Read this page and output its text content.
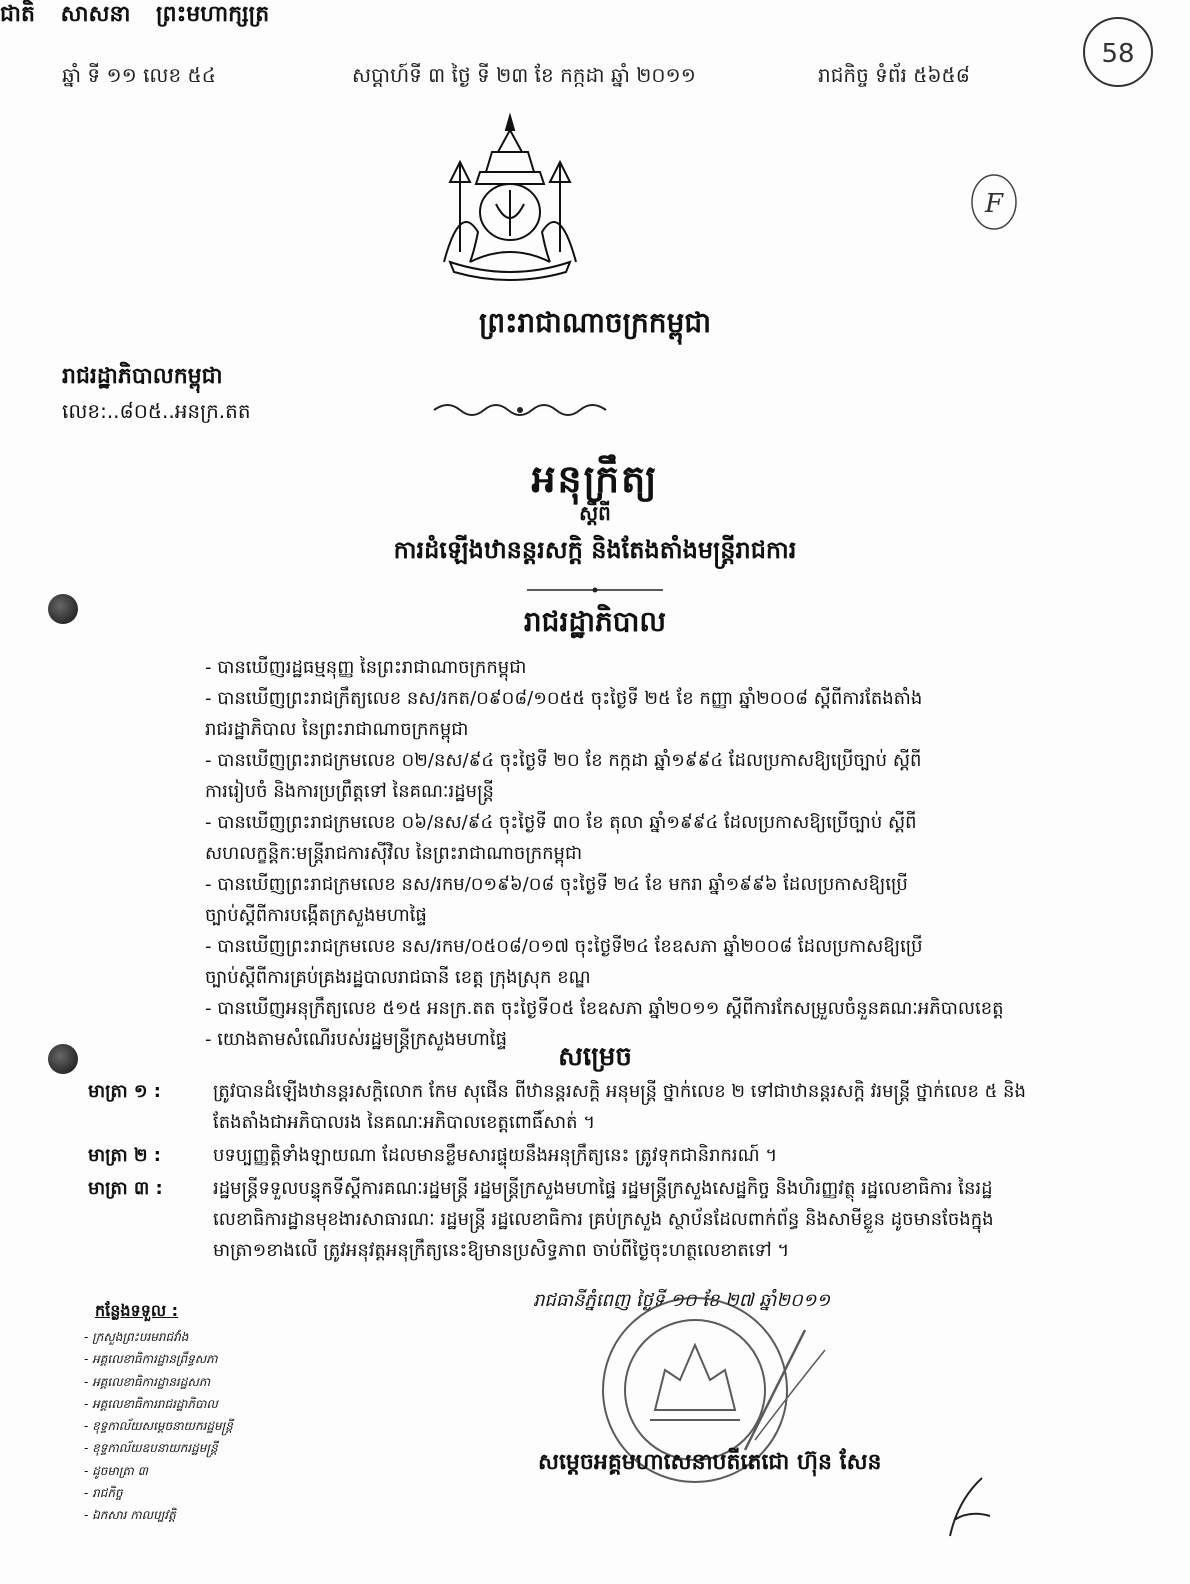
ឆ្នាំ ទី ១១ លេខ ៥៤	សប្តាហ៍ទី ៣ ថ្ងៃ ទី ២៣ ខែ កក្កដា ឆ្នាំ ២០១១	រាជកិច្ច ទំព័រ ៥៦៥៨
58
F
ព្រះរាជាណាចក្រកម្ពុជា
រាជរដ្ឋាភិបាលកម្ពុជា
ជាតិ សាសនា ព្រះមហាក្សត្រ
លេខ:..៨០៥..អនក្រ.តត
អនុក្រឹត្យ
ស្តីពី
ការដំឡើងឋានន្តរសក្តិ និងតែងតាំងមន្ត្រីរាជការ
រាជរដ្ឋាភិបាល
- បានឃើញរដ្ឋធម្មនុញ្ញ នៃព្រះរាជាណាចក្រកម្ពុជា
- បានឃើញព្រះរាជក្រឹត្យលេខ នស/រកត/០៩០៨/១០៥៥ ចុះថ្ងៃទី ២៥ ខែ កញ្ញា ឆ្នាំ២០០៨ ស្តីពីការតែងតាំង
រាជរដ្ឋាភិបាល នៃព្រះរាជាណាចក្រកម្ពុជា
- បានឃើញព្រះរាជក្រមលេខ ០២/នស/៩៤ ចុះថ្ងៃទី ២០ ខែ កក្កដា ឆ្នាំ១៩៩៤ ដែលប្រកាសឱ្យប្រើច្បាប់ ស្តីពី
ការរៀបចំ និងការប្រព្រឹត្តទៅ នៃគណៈរដ្ឋមន្ត្រី
- បានឃើញព្រះរាជក្រមលេខ ០៦/នស/៩៤ ចុះថ្ងៃទី ៣០ ខែ តុលា ឆ្នាំ១៩៩៤ ដែលប្រកាសឱ្យប្រើច្បាប់ ស្តីពី
សហលក្ខន្តិកៈមន្ត្រីរាជការស៊ីវិល នៃព្រះរាជាណាចក្រកម្ពុជា
- បានឃើញព្រះរាជក្រមលេខ នស/រកម/០១៩៦/០៨ ចុះថ្ងៃទី ២៤ ខែ មករា ឆ្នាំ១៩៩៦ ដែលប្រកាសឱ្យប្រើ
ច្បាប់ស្តីពីការបង្កើតក្រសួងមហាផ្ទៃ
- បានឃើញព្រះរាជក្រមលេខ នស/រកម/០៥០៨/០១៧ ចុះថ្ងៃទី២៤ ខែឧសភា ឆ្នាំ២០០៨ ដែលប្រកាសឱ្យប្រើ
ច្បាប់ស្តីពីការគ្រប់គ្រងរដ្ឋបាលរាជធានី ខេត្ត ក្រុងស្រុក ខណ្ឌ
- បានឃើញអនុក្រឹត្យលេខ ៥១៥ អនក្រ.តត ចុះថ្ងៃទី០៥ ខែឧសភា ឆ្នាំ២០១១ ស្តីពីការកែសម្រួលចំនួនគណៈអភិបាលខេត្ត
- យោងតាមសំណើរបស់រដ្ឋមន្ត្រីក្រសួងមហាផ្ទៃ
សម្រេច
មាត្រា ១ :	ត្រូវបានដំឡើងឋានន្តរសក្តិលោក កែម សុផើន ពីឋានន្តរសក្តិ អនុមន្ត្រី ថ្នាក់លេខ ២ ទៅជាឋានន្តរសក្តិ វរមន្ត្រី ថ្នាក់លេខ ៥ និងតែងតាំងជាអភិបាលរង នៃគណៈអភិបាលខេត្តពោធិ៍សាត់ ។
មាត្រា ២ :	បទប្បញ្ញត្តិទាំងឡាយណា ដែលមានខ្លឹមសារផ្ទុយនឹងអនុក្រឹត្យនេះ ត្រូវទុកជានិរាករណ៍ ។
មាត្រា ៣ :	រដ្ឋមន្ត្រីទទួលបន្ទុកទីស្តីការគណៈរដ្ឋមន្ត្រី រដ្ឋមន្ត្រីក្រសួងមហាផ្ទៃ រដ្ឋមន្ត្រីក្រសួងសេដ្ឋកិច្ច និងហិរញ្ញវត្ថុ រដ្ឋលេខាធិការ នៃរដ្ឋលេខាធិការដ្ឋានមុខងារសាធារណៈ រដ្ឋមន្ត្រី រដ្ឋលេខាធិការ គ្រប់ក្រសួង ស្ថាប័នដែលពាក់ព័ន្ធ និងសាមីខ្លួន ដូចមានចែងក្នុងមាត្រា១ខាងលើ ត្រូវអនុវត្តអនុក្រឹត្យនេះឱ្យមានប្រសិទ្ធភាព ចាប់ពីថ្ងៃចុះហត្ថលេខាតទៅ ។
រាជធានីភ្នំពេញ ថ្ងៃទី ១០ ខែ ២៧ ឆ្នាំ២០១១
កន្លែងទទួល :
- ក្រសួងព្រះបរមរាជវាំង
- អគ្គលេខាធិការដ្ឋានព្រឹទ្ធសភា
- អគ្គលេខាធិការដ្ឋានរដ្ឋសភា
- អគ្គលេខាធិការរាជរដ្ឋាភិបាល
- ខុទ្ទកាល័យសម្តេចនាយករដ្ឋមន្ត្រី
- ខុទ្ទកាល័យឧបនាយករដ្ឋមន្ត្រី
- ដូចមាត្រា ៣
- រាជកិច្ច
- ឯកសារ កាលប្បវត្តិ
សម្តេចអគ្គមហាសេនាបតីតេជោ ហ៊ុន សែន
